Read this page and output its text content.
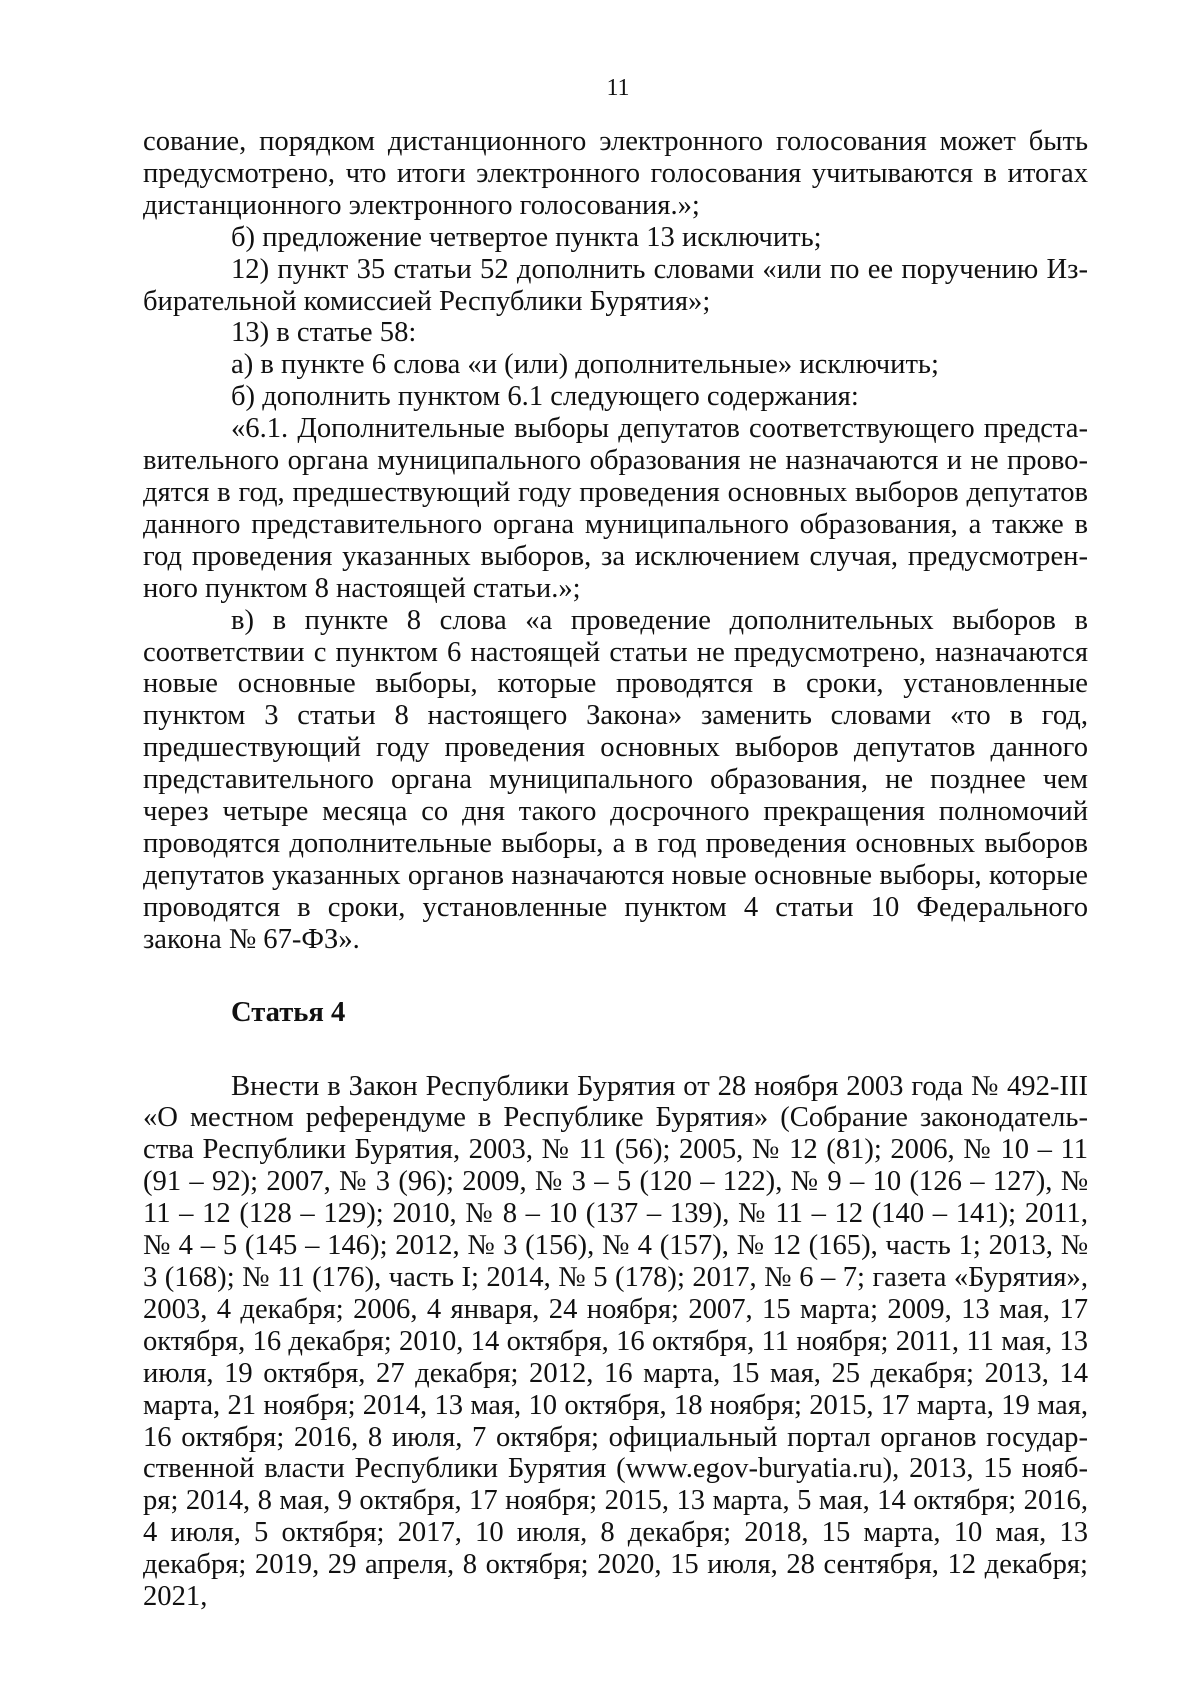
11

сование, порядком дистанционного электронного голосования может быть предусмотрено, что итоги электронного голосования учитываются в итогах дистанционного электронного голосования.»;

б) предложение четвертое пункта 13 исключить;

12) пункт 35 статьи 52 дополнить словами «или по ее поручению Избирательной комиссией Республики Бурятия»;

13) в статье 58:

а) в пункте 6 слова «и (или) дополнительные» исключить;

б) дополнить пунктом 6.1 следующего содержания:

«6.1. Дополнительные выборы депутатов соответствующего представительного органа муниципального образования не назначаются и не проводятся в год, предшествующий году проведения основных выборов депутатов данного представительного органа муниципального образования, а также в год проведения указанных выборов, за исключением случая, предусмотренного пунктом 8 настоящей статьи.»;

в) в пункте 8 слова «а проведение дополнительных выборов в соответствии с пунктом 6 настоящей статьи не предусмотрено, назначаются новые основные выборы, которые проводятся в сроки, установленные пунктом 3 статьи 8 настоящего Закона» заменить словами «то в год, предшествующий году проведения основных выборов депутатов данного представительного органа муниципального образования, не позднее чем через четыре месяца со дня такого досрочного прекращения полномочий проводятся дополнительные выборы, а в год проведения основных выборов депутатов указанных органов назначаются новые основные выборы, которые проводятся в сроки, установленные пунктом 4 статьи 10 Федерального закона № 67-ФЗ».

Статья 4

Внести в Закон Республики Бурятия от 28 ноября 2003 года № 492-III «О местном референдуме в Республике Бурятия» (Собрание законодательства Республики Бурятия, 2003, № 11 (56); 2005, № 12 (81); 2006, № 10 – 11 (91 – 92); 2007, № 3 (96); 2009, № 3 – 5 (120 – 122), № 9 – 10 (126 – 127), № 11 – 12 (128 – 129); 2010, № 8 – 10 (137 – 139), № 11 – 12 (140 – 141); 2011, № 4 – 5 (145 – 146); 2012, № 3 (156), № 4 (157), № 12 (165), часть 1; 2013, № 3 (168); № 11 (176), часть I; 2014, № 5 (178); 2017, № 6 – 7; газета «Бурятия», 2003, 4 декабря; 2006, 4 января, 24 ноября; 2007, 15 марта; 2009, 13 мая, 17 октября, 16 декабря; 2010, 14 октября, 16 октября, 11 ноября; 2011, 11 мая, 13 июля, 19 октября, 27 декабря; 2012, 16 марта, 15 мая, 25 декабря; 2013, 14 марта, 21 ноября; 2014, 13 мая, 10 октября, 18 ноября; 2015, 17 марта, 19 мая, 16 октября; 2016, 8 июля, 7 октября; официальный портал органов государственной власти Республики Бурятия (www.egov-buryatia.ru), 2013, 15 ноября; 2014, 8 мая, 9 октября, 17 ноября; 2015, 13 марта, 5 мая, 14 октября; 2016, 4 июля, 5 октября; 2017, 10 июля, 8 декабря; 2018, 15 марта, 10 мая, 13 декабря; 2019, 29 апреля, 8 октября; 2020, 15 июля, 28 сентября, 12 декабря; 2021,
